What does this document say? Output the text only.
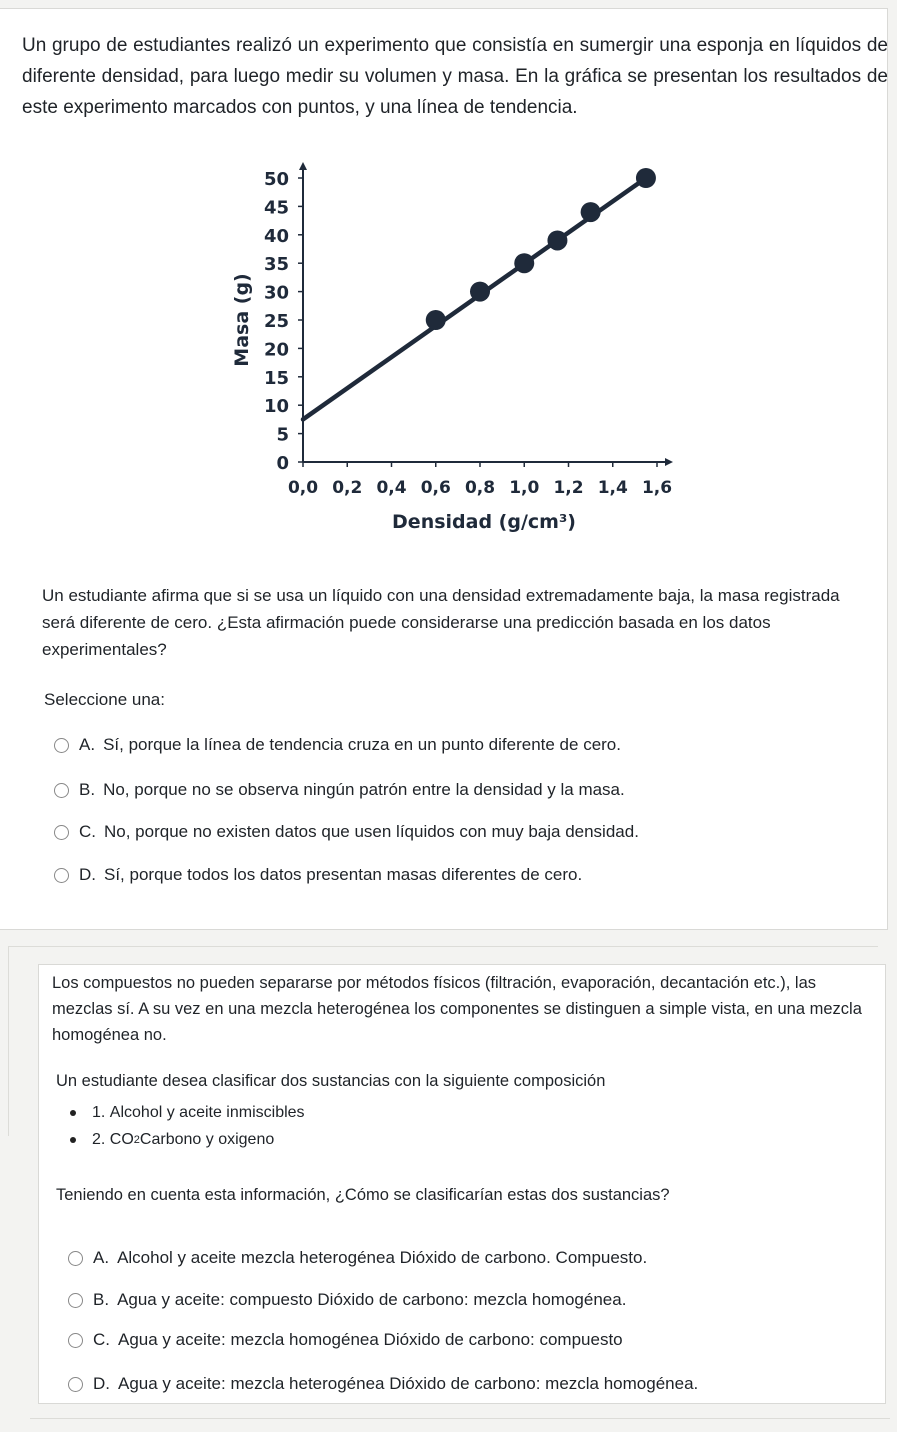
Un grupo de estudiantes realizó un experimento que consistía en sumergir una esponja en líquidos de diferente densidad, para luego medir su volumen y masa. En la gráfica se presentan los resultados de este experimento marcados con puntos, y una línea de tendencia.

0
5
10
15
20
25
30
35
40
45
50
0,0 0,2 0,4 0,6 0,8 1,0 1,2 1,4 1,6
Masa (g)
Densidad (g/cm³)

Un estudiante afirma que si se usa un líquido con una densidad extremadamente baja, la masa registrada será diferente de cero. ¿Esta afirmación puede considerarse una predicción basada en los datos experimentales?

Seleccione una:

A. Sí, porque la línea de tendencia cruza en un punto diferente de cero.
B. No, porque no se observa ningún patrón entre la densidad y la masa.
C. No, porque no existen datos que usen líquidos con muy baja densidad.
D. Sí, porque todos los datos presentan masas diferentes de cero.

Los compuestos no pueden separarse por métodos físicos (filtración, evaporación, decantación etc.), las mezclas sí. A su vez en una mezcla heterogénea los componentes se distinguen a simple vista, en una mezcla homogénea no.

Un estudiante desea clasificar dos sustancias con la siguiente composición

1.
Alcohol y aceite inmiscibles
2.
CO 2 Carbono y oxigeno

Teniendo en cuenta esta información, ¿Cómo se clasificarían estas dos sustancias?

A. Alcohol y aceite mezcla heterogénea Dióxido de carbono. Compuesto.
B. Agua y aceite: compuesto Dióxido de carbono: mezcla homogénea.
C. Agua y aceite: mezcla homogénea Dióxido de carbono: compuesto
D. Agua y aceite: mezcla heterogénea Dióxido de carbono: mezcla homogénea.
